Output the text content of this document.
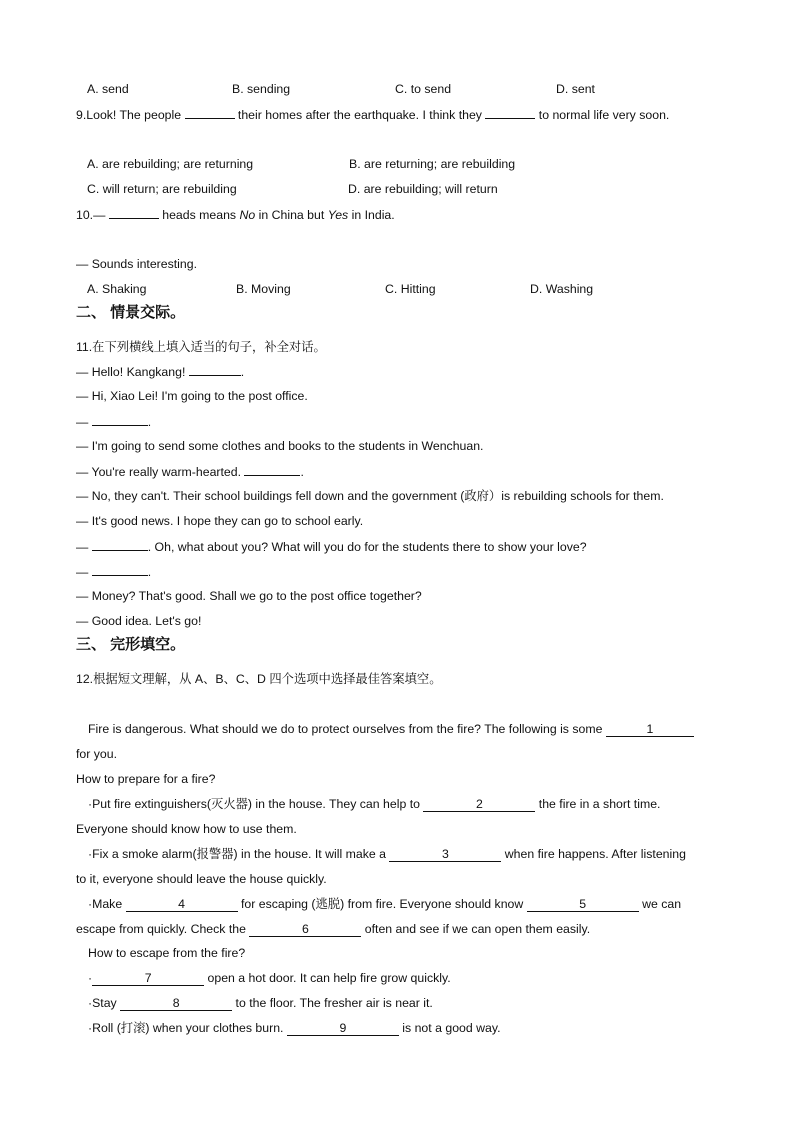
A. send	B. sending	C. to send	D. sent
9.Look! The people	their homes after the earthquake. I think they	to normal life very soon.
A. are rebuilding; are returning	B. are returning; are rebuilding
C. will return; are rebuilding	D. are rebuilding; will return
10.—	heads means No in China but Yes in India.
— Sounds interesting.
A. Shaking	B. Moving	C. Hitting	D. Washing
二、 情景交际。
11.在下列横线上填入适当的句子，补全对话。
— Hello! Kangkang!	.
— Hi, Xiao Lei! I'm going to the post office.
—	.
— I'm going to send some clothes and books to the students in Wenchuan.
— You're really warm-hearted.	.
— No, they can't. Their school buildings fell down and the government (政府）is rebuilding schools for them.
— It's good news. I hope they can go to school early.
—	. Oh, what about you? What will you do for the students there to show your love?
—	.
— Money? That's good. Shall we go to the post office together?
— Good idea. Let's go!
三、 完形填空。
12.根据短文理解，从 A、B、C、D 四个选项中选择最佳答案填空。
Fire is dangerous. What should we do to protect ourselves from the fire? The following is some	1
for you.
How to prepare for a fire?
·Put fire extinguishers(灭火器) in the house. They can help to	2	the fire in a short time.
Everyone should know how to use them.
·Fix a smoke alarm(报警器) in the house. It will make a	3	when fire happens. After listening
to it, everyone should leave the house quickly.
·Make	4	for escaping (逃脱) from fire. Everyone should know	5	we can
escape from quickly. Check the	6	often and see if we can open them easily.
How to escape from the fire?
·	7	open a hot door. It can help fire grow quickly.
·Stay	8	to the floor. The fresher air is near it.
·Roll (打滚) when your clothes burn.	9	is not a good way.
